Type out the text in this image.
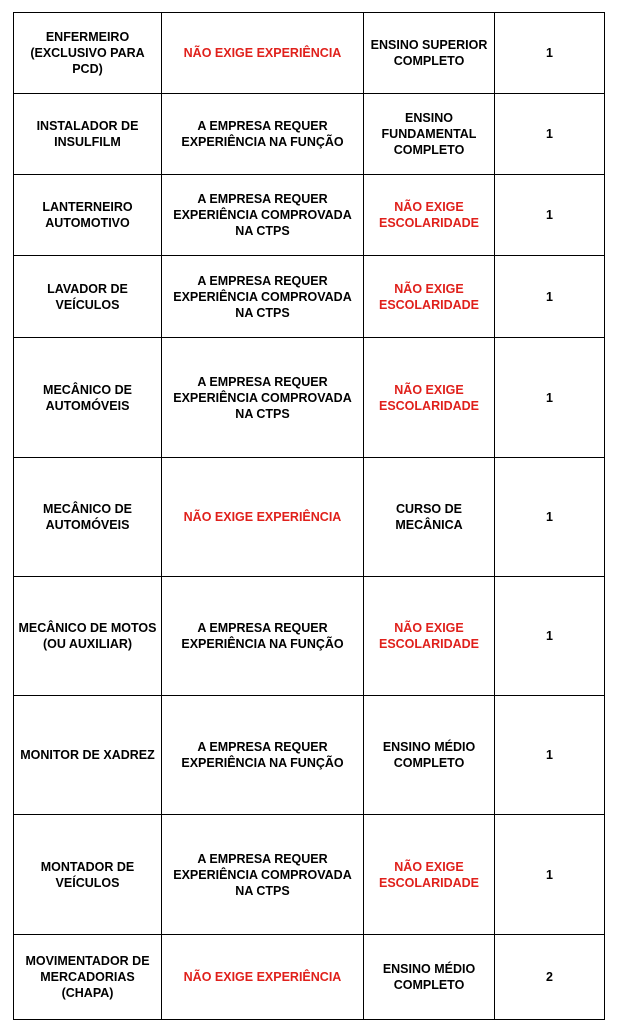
ENFERMEIRO (EXCLUSIVO PARA PCD)	NÃO EXIGE EXPERIÊNCIA	ENSINO SUPERIOR COMPLETO	1
INSTALADOR DE INSULFILM	A EMPRESA REQUER EXPERIÊNCIA NA FUNÇÃO	ENSINO FUNDAMENTAL COMPLETO	1
LANTERNEIRO AUTOMOTIVO	A EMPRESA REQUER EXPERIÊNCIA COMPROVADA NA CTPS	NÃO EXIGE ESCOLARIDADE	1
LAVADOR DE VEÍCULOS	A EMPRESA REQUER EXPERIÊNCIA COMPROVADA NA CTPS	NÃO EXIGE ESCOLARIDADE	1
MECÂNICO DE AUTOMÓVEIS	A EMPRESA REQUER EXPERIÊNCIA COMPROVADA NA CTPS	NÃO EXIGE ESCOLARIDADE	1
MECÂNICO DE AUTOMÓVEIS	NÃO EXIGE EXPERIÊNCIA	CURSO DE MECÂNICA	1
MECÂNICO DE MOTOS (OU AUXILIAR)	A EMPRESA REQUER EXPERIÊNCIA NA FUNÇÃO	NÃO EXIGE ESCOLARIDADE	1
MONITOR DE XADREZ	A EMPRESA REQUER EXPERIÊNCIA NA FUNÇÃO	ENSINO MÉDIO COMPLETO	1
MONTADOR DE VEÍCULOS	A EMPRESA REQUER EXPERIÊNCIA COMPROVADA NA CTPS	NÃO EXIGE ESCOLARIDADE	1
MOVIMENTADOR DE MERCADORIAS (CHAPA)	NÃO EXIGE EXPERIÊNCIA	ENSINO MÉDIO COMPLETO	2
